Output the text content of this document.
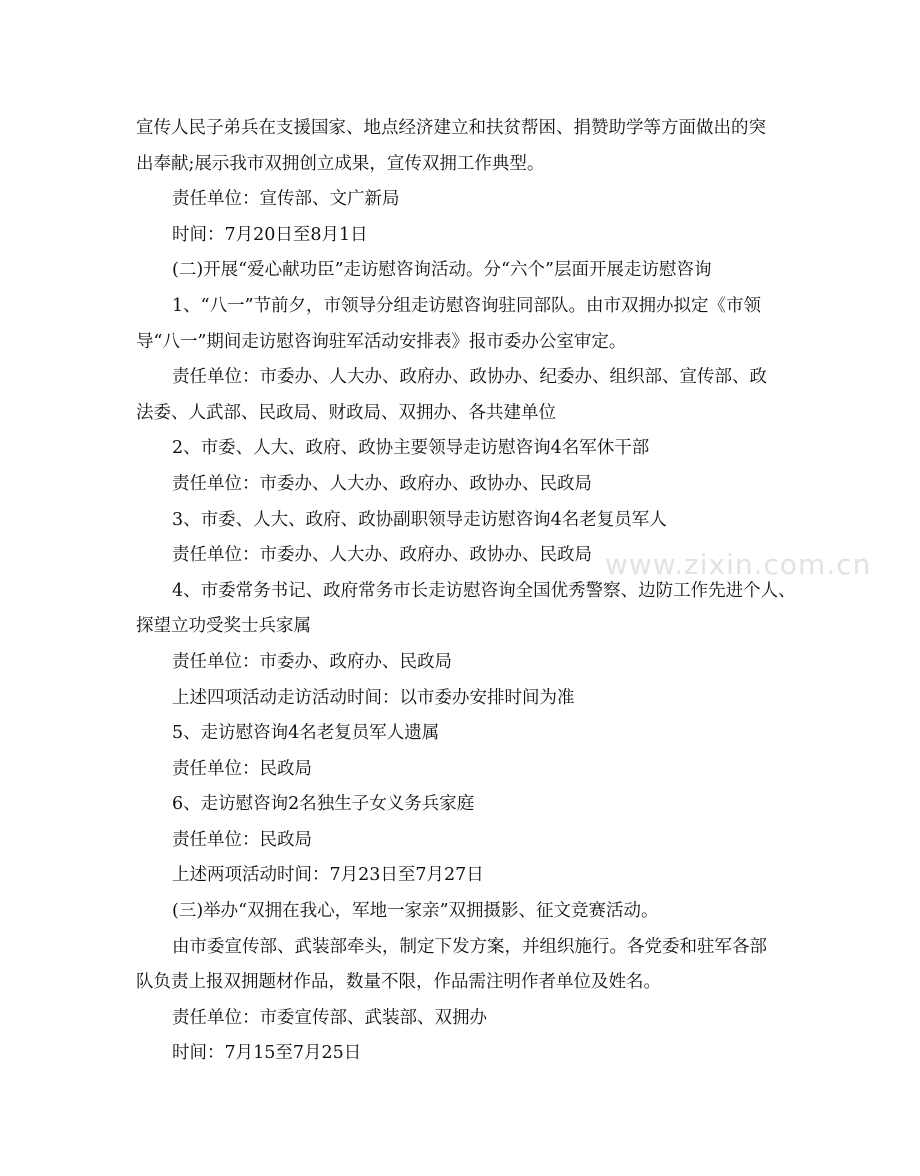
宣传人民子弟兵在支援国家、地点经济建立和扶贫帮困、捐赞助学等方面做出的突
出奉献;展示我市双拥创立成果，宣传双拥工作典型。
责任单位：宣传部、文广新局
时间：7月20日至8月1日
(二)开展“爱心献功臣”走访慰咨询活动。分“六个”层面开展走访慰咨询
1、“八一”节前夕，市领导分组走访慰咨询驻同部队。由市双拥办拟定《市领
导“八一”期间走访慰咨询驻军活动安排表》报市委办公室审定。
责任单位：市委办、人大办、政府办、政协办、纪委办、组织部、宣传部、政
法委、人武部、民政局、财政局、双拥办、各共建单位
2、市委、人大、政府、政协主要领导走访慰咨询4名军休干部
责任单位：市委办、人大办、政府办、政协办、民政局
3、市委、人大、政府、政协副职领导走访慰咨询4名老复员军人
责任单位：市委办、人大办、政府办、政协办、民政局
4、市委常务书记、政府常务市长走访慰咨询全国优秀警察、边防工作先进个人、
探望立功受奖士兵家属
责任单位：市委办、政府办、民政局
上述四项活动走访活动时间：以市委办安排时间为准
5、走访慰咨询4名老复员军人遗属
责任单位：民政局
6、走访慰咨询2名独生子女义务兵家庭
责任单位：民政局
上述两项活动时间：7月23日至7月27日
(三)举办“双拥在我心，军地一家亲”双拥摄影、征文竞赛活动。
由市委宣传部、武装部牵头，制定下发方案，并组织施行。各党委和驻军各部
队负责上报双拥题材作品，数量不限，作品需注明作者单位及姓名。
责任单位：市委宣传部、武装部、双拥办
时间：7月15至7月25日
www.zixin.com.cn
